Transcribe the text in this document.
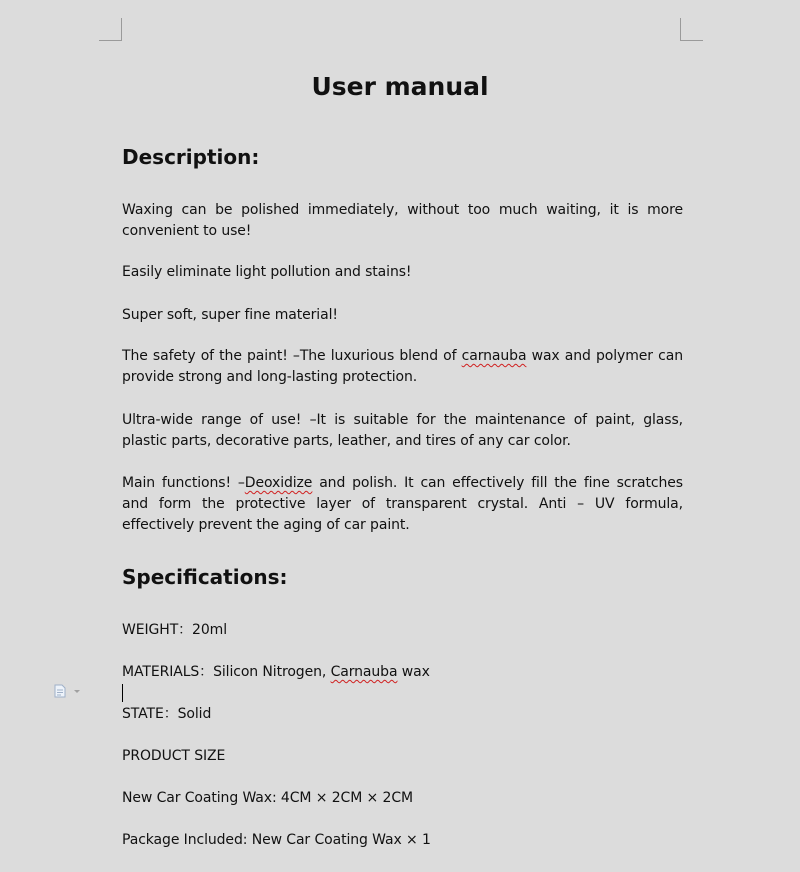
User manual
Description:
Waxing can be polished immediately, without too much waiting, it is more convenient to use!
Easily eliminate light pollution and stains!
Super soft, super fine material!
The safety of the paint! –The luxurious blend of carnauba wax and polymer can provide strong and long-lasting protection.
Ultra-wide range of use! –It is suitable for the maintenance of paint, glass, plastic parts, decorative parts, leather, and tires of any car color.
Main functions! –Deoxidize and polish. It can effectively fill the fine scratches and form the protective layer of transparent crystal. Anti – UV formula, effectively prevent the aging of car paint.
Specifications:
WEIGHT：20ml
MATERIALS：Silicon Nitrogen, Carnauba wax
STATE：Solid
PRODUCT SIZE
New Car Coating Wax: 4CM × 2CM × 2CM
Package Included: New Car Coating Wax × 1
